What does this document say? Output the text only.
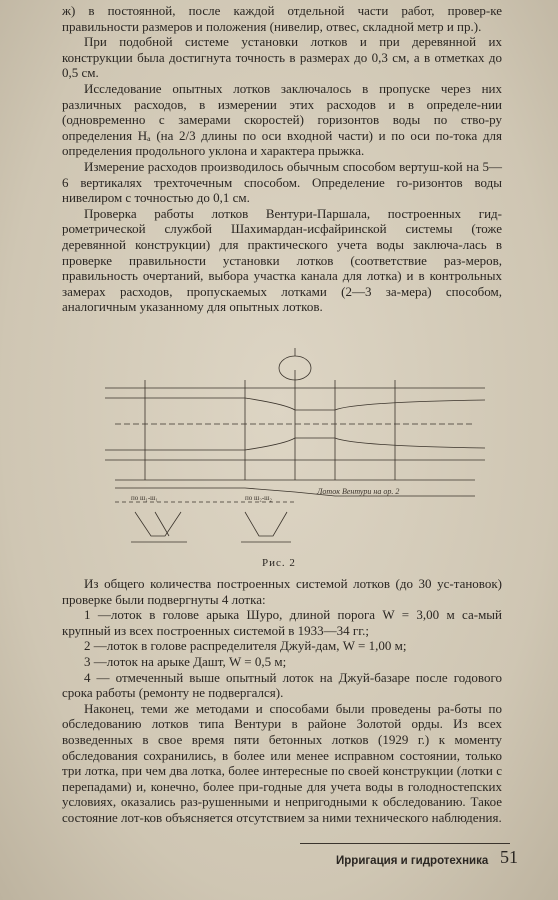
ж) в постоянной, после каждой отдельной части работ, провер-ке правильности размеров и положения (нивелир, отвес, складной метр и пр.).

При подобной системе установки лотков и при деревянной их конструкции была достигнута точность в размерах до 0,3 см, а в отметках до 0,5 см.

Исследование опытных лотков заключалось в пропуске через них различных расходов, в измерении этих расходов и в определе-нии (одновременно с замерами скоростей) горизонтов воды по ство-ру определения Hₐ (на 2/3 длины по оси входной части) и по оси по-тока для определения продольного уклона и характера прыжка.

Измерение расходов производилось обычным способом вертуш-кой на 5—6 вертикалях трехточечным способом. Определение го-ризонтов воды нивелиром с точностью до 0,1 см.

Проверка работы лотков Вентури-Паршала, построенных гид-рометрической службой Шахимардан-исфайринской системы (тоже деревянной конструкции) для практического учета воды заключа-лась в проверке правильности установки лотков (соответствие раз-меров, правильность очертаний, выбора участка канала для лотка) и в контрольных замерах расходов, пропускаемых лотками (2—3 за-мера) способом, аналогичным указанному для опытных лотков.

по ш₁-ш₁	по ш₂-ш₂
Лоток Вентури на ор. 2
Рис. 2

Из общего количества построенных системой лотков (до 30 ус-тановок) проверке были подвергнуты 4 лотка:

1 —лоток в голове арыка Шуро, длиной порога W = 3,00 м са-мый крупный из всех построенных системой в 1933—34 гг.;

2 —лоток в голове распределителя Джуй-дам, W = 1,00 м;

3 —лоток на арыке Дашт, W = 0,5 м;

4 — отмеченный выше опытный лоток на Джуй-базаре после годового срока работы (ремонту не подвергался).

Наконец, теми же методами и способами были проведены ра-боты по обследованию лотков типа Вентури в районе Золотой орды. Из всех возведенных в свое время пяти бетонных лотков (1929 г.) к моменту обследования сохранились, в более или менее исправном состоянии, только три лотка, при чем два лотка, более интересные по своей конструкции (лотки с перепадами) и, конечно, более при-годные для учета воды в голодностепских условиях, оказались раз-рушенными и непригодными к обследованию. Такое состояние лот-ков объясняется отсутствием за ними технического наблюдения.

Ирригация и гидротехника 51
